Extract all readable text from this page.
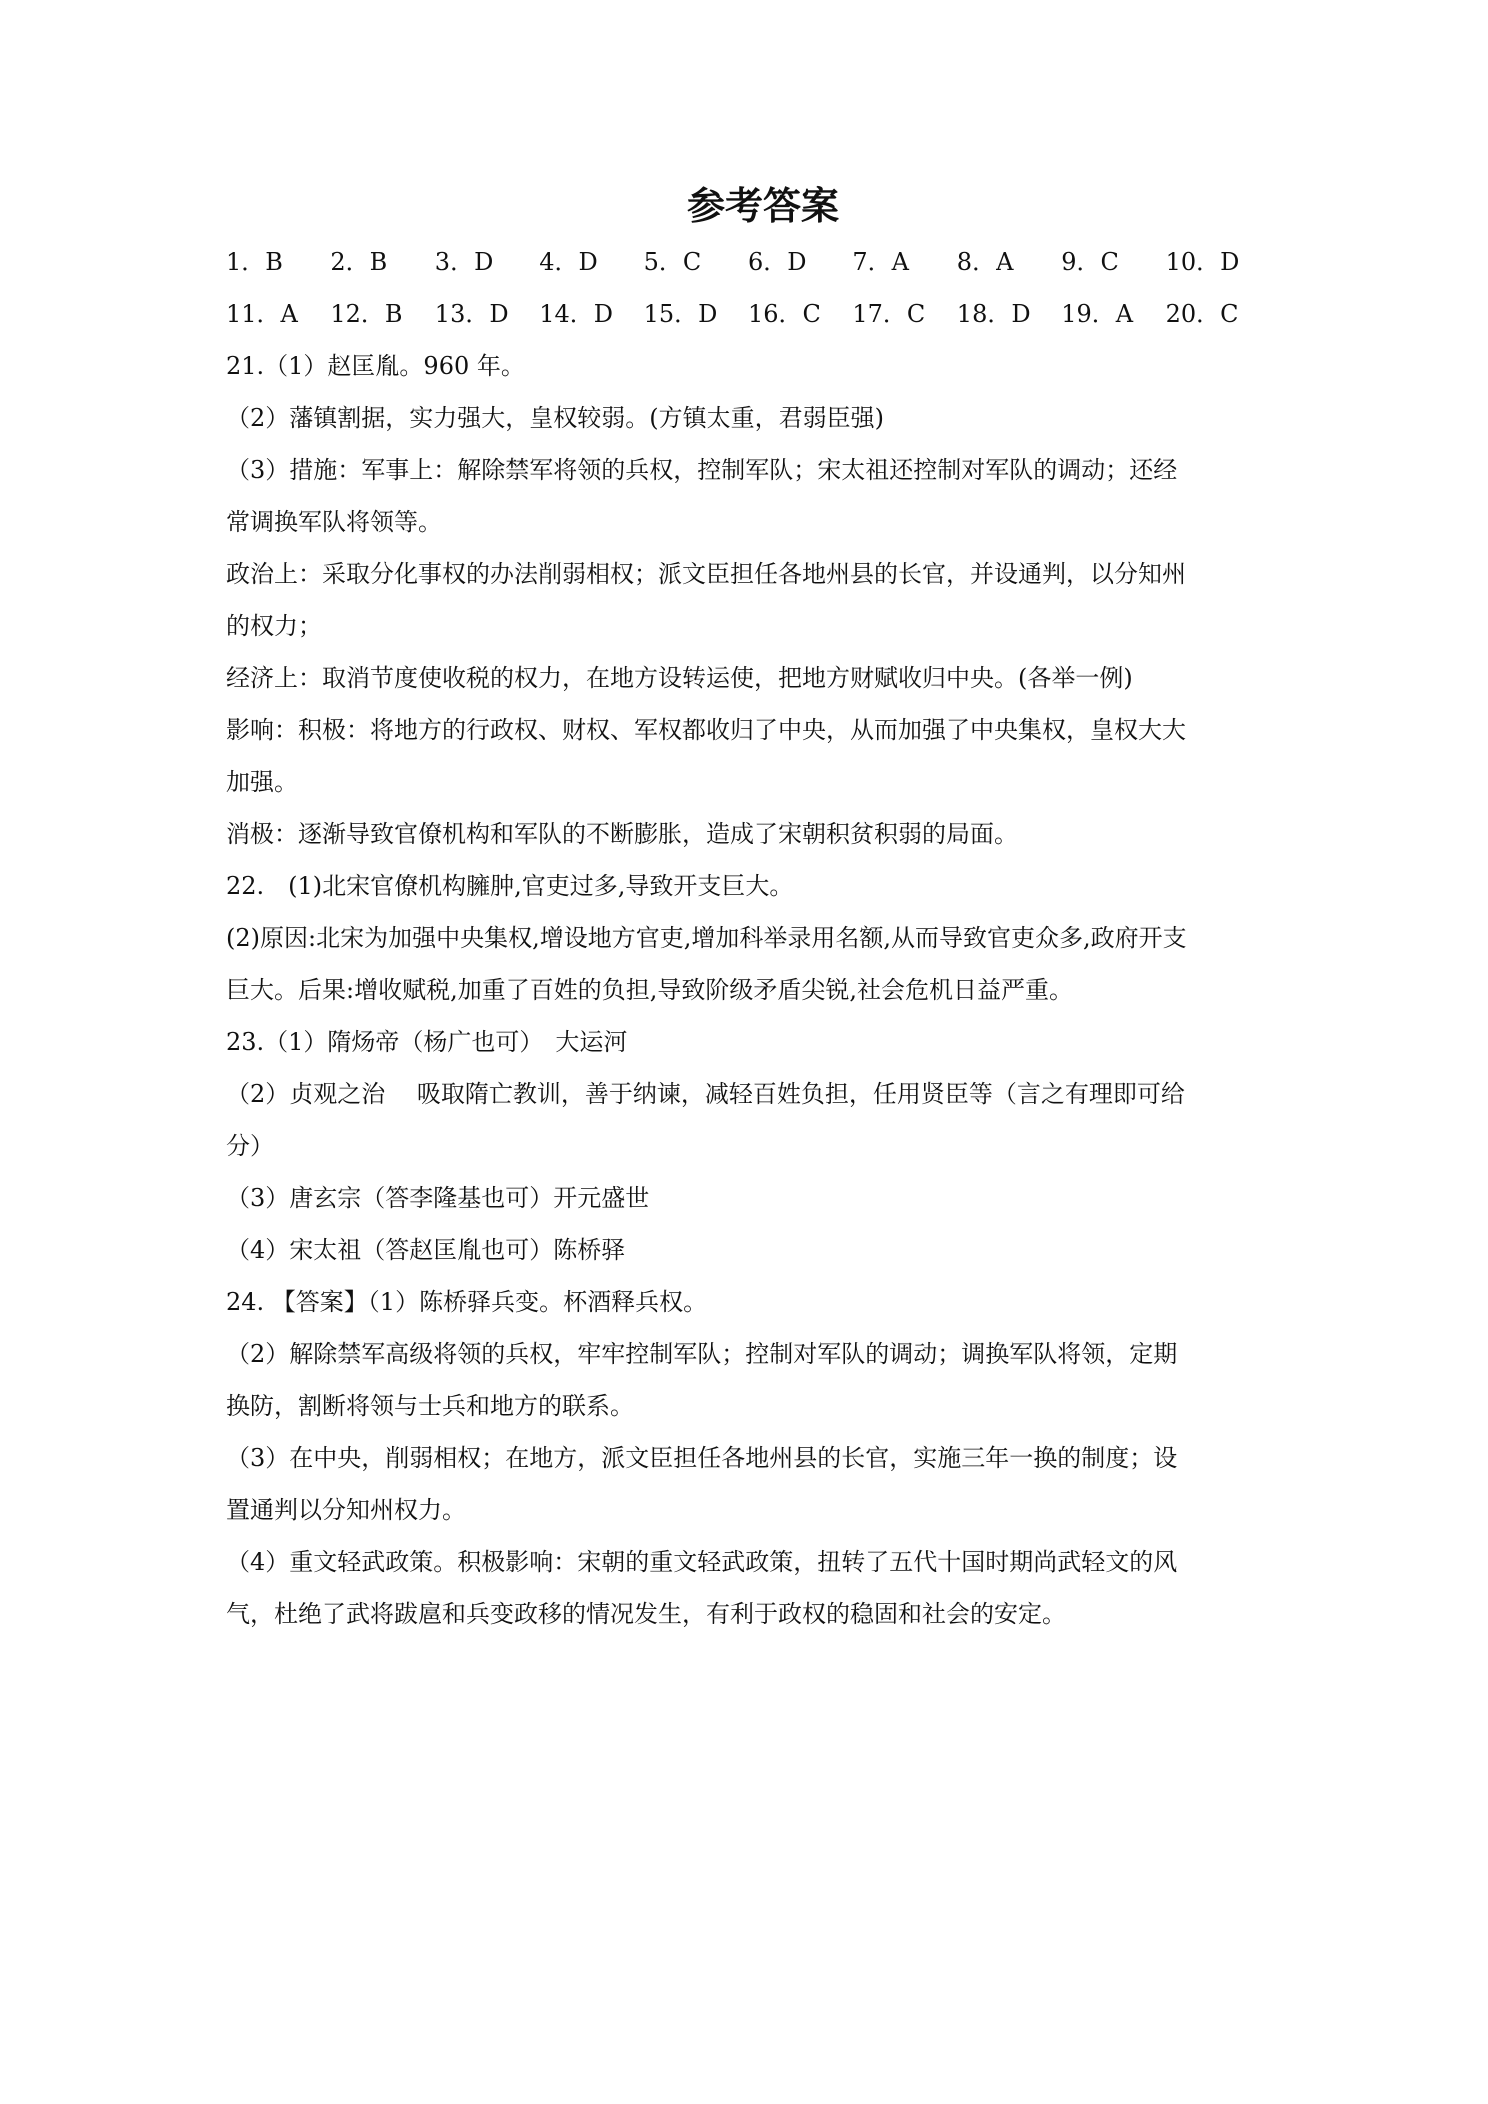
参考答案
1．B	2．B	3．D	4．D	5．C	6．D	7．A	8．A	9．C	10．D
11．A	12．B	13．D	14．D	15．D	16．C	17．C	18．D	19．A	20．C
21.（1）赵匡胤。960 年。
（2）藩镇割据，实力强大，皇权较弱。(方镇太重，君弱臣强)
（3）措施：军事上：解除禁军将领的兵权，控制军队；宋太祖还控制对军队的调动；还经
常调换军队将领等。
政治上：采取分化事权的办法削弱相权；派文臣担任各地州县的长官，并设通判，以分知州
的权力；
经济上：取消节度使收税的权力，在地方设转运使，把地方财赋收归中央。(各举一例)
影响：积极：将地方的行政权、财权、军权都收归了中央，从而加强了中央集权，皇权大大
加强。
消极：逐渐导致官僚机构和军队的不断膨胀，造成了宋朝积贫积弱的局面。
22.　(1)北宋官僚机构臃肿,官吏过多,导致开支巨大。
(2)原因:北宋为加强中央集权,增设地方官吏,增加科举录用名额,从而导致官吏众多,政府开支
巨大。后果:增收赋税,加重了百姓的负担,导致阶级矛盾尖锐,社会危机日益严重。
23.（1）隋炀帝（杨广也可）　大运河
（2）贞观之治　 吸取隋亡教训，善于纳谏，减轻百姓负担，任用贤臣等（言之有理即可给
分）
（3）唐玄宗（答李隆基也可）开元盛世
（4）宋太祖（答赵匡胤也可）陈桥驿
24. 【答案】（1）陈桥驿兵变。杯酒释兵权。
（2）解除禁军高级将领的兵权，牢牢控制军队；控制对军队的调动；调换军队将领，定期
换防，割断将领与士兵和地方的联系。
（3）在中央，削弱相权；在地方，派文臣担任各地州县的长官，实施三年一换的制度；设
置通判以分知州权力。
（4）重文轻武政策。积极影响：宋朝的重文轻武政策，扭转了五代十国时期尚武轻文的风
气，杜绝了武将跋扈和兵变政移的情况发生，有利于政权的稳固和社会的安定。
